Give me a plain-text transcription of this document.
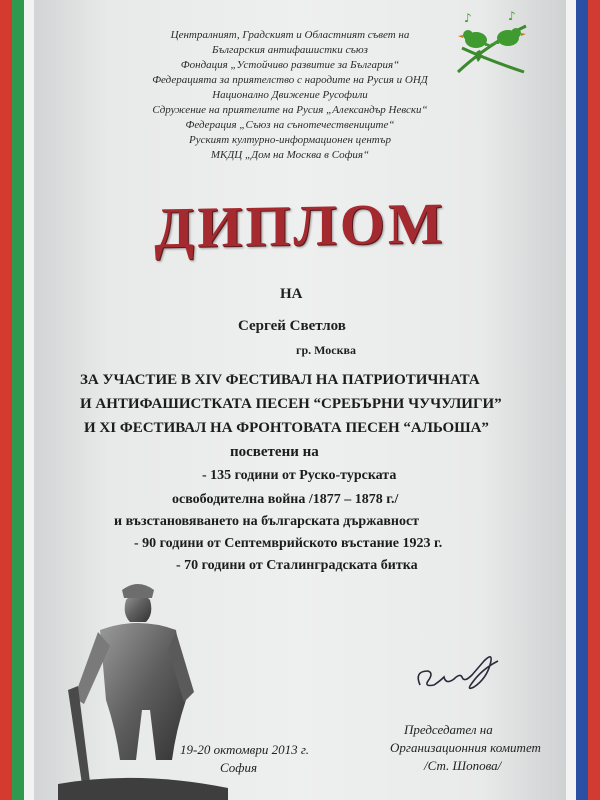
Централният, Градският и Областният съвет на
Българския антифашистки съюз
Фондация „Устойчиво развитие за България“
Федерацията за приятелство с народите на Русия и ОНД
Национално Движение Русофили
Сдружение на приятелите на Русия „Александър Невски“
Федерация „Съюз на сънотечествениците“
Руският културно-информационен център
МКДЦ „Дом на Москва в София“
♪	♪
ДИПЛОМ
НА
Сергей Светлов
гр. Москва
ЗА УЧАСТИЕ В XIV ФЕСТИВАЛ НА ПАТРИОТИЧНАТА
И АНТИФАШИСТКАТА ПЕСЕН “СРЕБЪРНИ ЧУЧУЛИГИ”
И XI ФЕСТИВАЛ НА ФРОНТОВАТА ПЕСЕН “АЛЬОША”
посветени на
- 135 години от Руско-турската
освободителна война /1877 – 1878 г./
и възстановяването на българската държавност
- 90 години от Септемврийското въстание 1923 г.
- 70 години от Сталинградската битка
19-20 октомври 2013 г.
София
Председател на
Организационния комитет
/Ст. Шопова/
